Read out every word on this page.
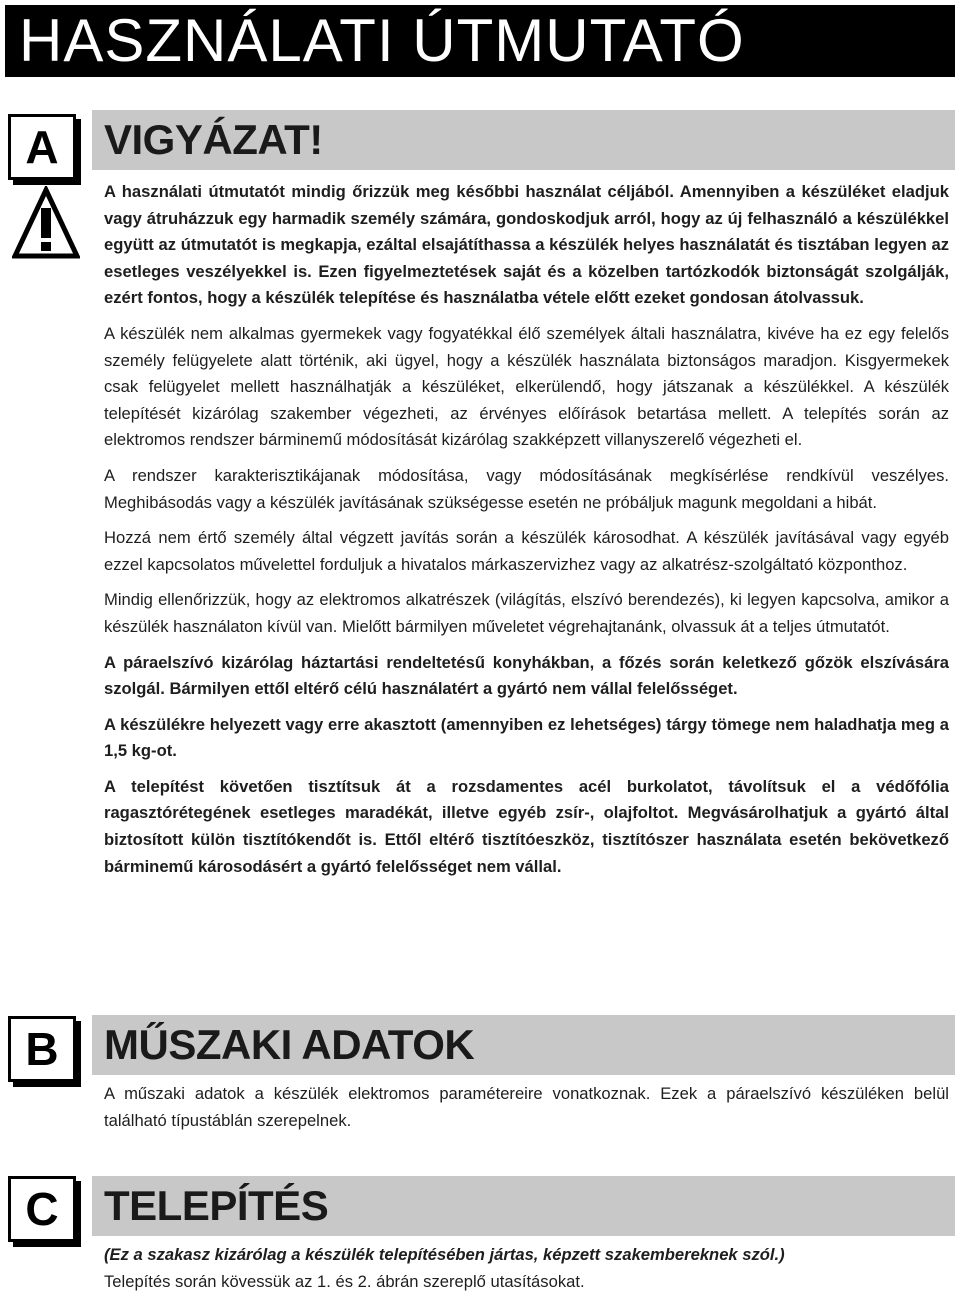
HASZNÁLATI ÚTMUTATÓ
A	VIGYÁZAT!

A használati útmutatót mindig őrizzük meg későbbi használat céljából. Amennyiben a készüléket eladjuk vagy átruházzuk egy harmadik személy számára, gondoskodjuk arról, hogy az új felhasználó a készülékkel együtt az útmutatót is megkapja, ezáltal elsajátíthassa a készülék helyes használatát és tisztában legyen az esetleges veszélyekkel is. Ezen figyelmeztetések saját és a közelben tartózkodók biztonságát szolgálják, ezért fontos, hogy a készülék telepítése és használatba vétele előtt ezeket gondosan átolvassuk.

A készülék nem alkalmas gyermekek vagy fogyatékkal élő személyek általi használatra, kivéve ha ez egy felelős személy felügyelete alatt történik, aki ügyel, hogy a készülék használata biztonságos maradjon. Kisgyermekek csak felügyelet mellett használhatják a készüléket, elkerülendő, hogy játszanak a készülékkel. A készülék telepítését kizárólag szakember végezheti, az érvényes előírások betartása mellett. A telepítés során az elektromos rendszer bárminemű módosítását kizárólag szakképzett villanyszerelő végezheti el.

A rendszer karakterisztikájanak módosítása, vagy módosításának megkísérlése rendkívül veszélyes. Meghibásodás vagy a készülék javításának szükségesse esetén ne próbáljuk magunk megoldani a hibát.

Hozzá nem értő személy által végzett javítás során a készülék károsodhat. A készülék javításával vagy egyéb ezzel kapcsolatos művelettel forduljuk a hivatalos márkaszervizhez vagy az alkatrész-szolgáltató központhoz.

Mindig ellenőrizzük, hogy az elektromos alkatrészek (világítás, elszívó berendezés), ki legyen kapcsolva, amikor a készülék használaton kívül van. Mielőtt bármilyen műveletet végrehajtanánk, olvassuk át a teljes útmutatót.

A páraelszívó kizárólag háztartási rendeltetésű konyhákban, a főzés során keletkező gőzök elszívására szolgál. Bármilyen ettől eltérő célú használatért a gyártó nem vállal felelősséget.

A készülékre helyezett vagy erre akasztott (amennyiben ez lehetséges) tárgy tömege nem haladhatja meg a 1,5 kg-ot.

A telepítést követően tisztítsuk át a rozsdamentes acél burkolatot, távolítsuk el a védőfólia ragasztórétegének esetleges maradékát, illetve egyéb zsír-, olajfoltot. Megvásárolhatjuk a gyártó által biztosított külön tisztítókendőt is. Ettől eltérő tisztítóeszköz, tisztítószer használata esetén bekövetkező bárminemű károsodásért a gyártó felelősséget nem vállal.

B	MŰSZAKI ADATOK

A műszaki adatok a készülék elektromos paramétereire vonatkoznak. Ezek a páraelszívó készüléken belül található típustáblán szerepelnek.

C	TELEPÍTÉS

(Ez a szakasz kizárólag a készülék telepítésében jártas, képzett szakembereknek szól.)

Telepítés során kövessük az 1. és 2. ábrán szereplő utasításokat.
